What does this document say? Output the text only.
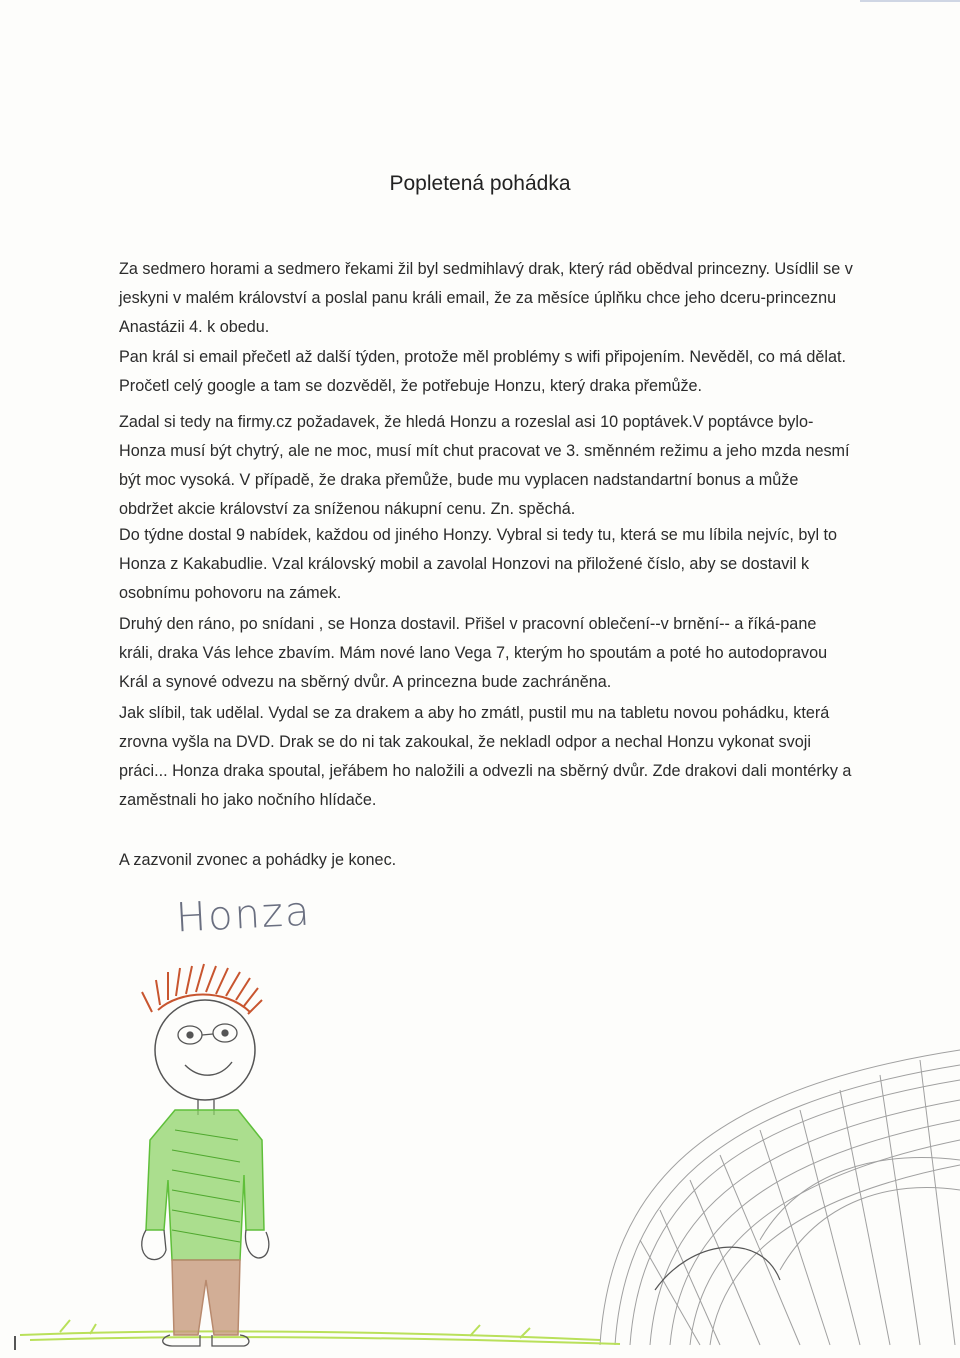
Popletená pohádka
Za sedmero horami a sedmero řekami žil byl sedmihlavý drak, který rád obědval princezny. Usídlil se v jeskyni v malém království a poslal panu králi email, že za měsíce úplňku chce jeho dceru-princeznu Anastázii 4. k obedu.
Pan král si email přečetl až další týden, protože měl problémy s wifi připojením. Nevěděl, co má dělat. Pročetl celý google a tam se dozvěděl, že potřebuje Honzu, který draka přemůže.
Zadal si tedy na firmy.cz požadavek, že hledá Honzu a rozeslal asi 10 poptávek.V poptávce bylo-Honza musí být chytrý, ale ne moc, musí mít chut pracovat ve 3. směnném režimu a jeho mzda nesmí být moc vysoká. V případě, že draka přemůže, bude mu vyplacen nadstandartní bonus a může obdržet akcie království za sníženou nákupní cenu. Zn. spěchá.
Do týdne dostal 9 nabídek, každou od jiného Honzy. Vybral si tedy tu, která se mu líbila nejvíc, byl to Honza z Kakabudlie. Vzal královský mobil a zavolal Honzovi na přiložené číslo, aby se dostavil k osobnímu pohovoru na zámek.
Druhý den ráno, po snídani , se Honza dostavil. Přišel v pracovní oblečení--v brnění-- a říká-pane králi, draka Vás lehce zbavím. Mám nové lano Vega 7, kterým ho spoutám a poté ho autodopravou Král a synové odvezu na sběrný dvůr. A princezna bude zachráněna.
Jak slíbil, tak udělal. Vydal se za drakem a aby ho zmátl, pustil mu na tabletu novou pohádku, která zrovna vyšla na DVD. Drak se do ni tak zakoukal, že nekladl odpor a nechal Honzu vykonat svoji práci... Honza draka spoutal, jeřábem ho naložili a odvezli na sběrný dvůr. Zde drakovi dali montérky a zaměstnali ho jako nočního hlídače.
A zazvonil zvonec a pohádky je konec.
Honza
